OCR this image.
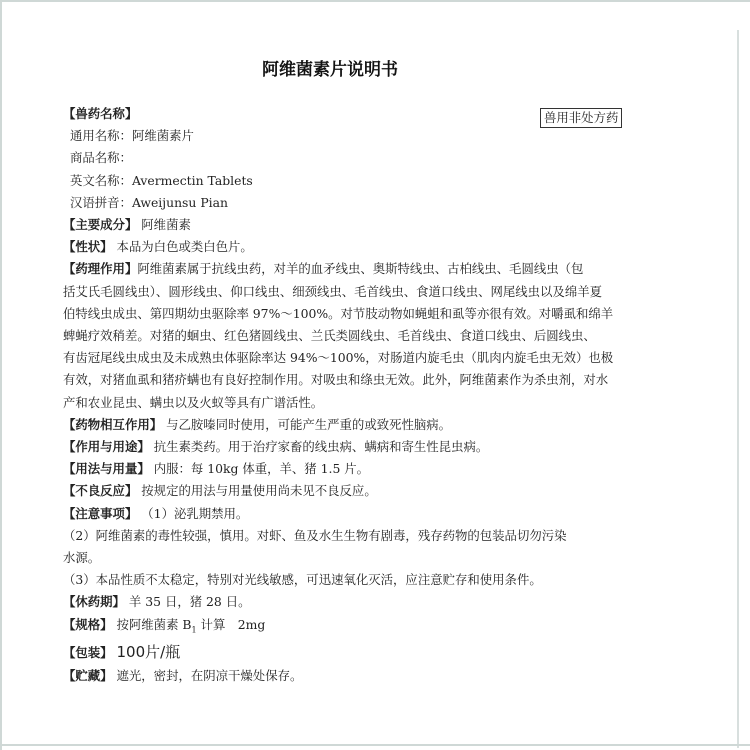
阿维菌素片说明书
兽用非处方药
【兽药名称】
通用名称：阿维菌素片
商品名称：
英文名称：Avermectin Tablets
汉语拼音：Aweijunsu Pian
【主要成分】 阿维菌素
【性状】 本品为白色或类白色片。
【药理作用】阿维菌素属于抗线虫药，对羊的血矛线虫、奥斯特线虫、古柏线虫、毛圆线虫（包
括艾氏毛圆线虫）、圆形线虫、仰口线虫、细颈线虫、毛首线虫、食道口线虫、网尾线虫以及绵羊夏
伯特线虫成虫、第四期幼虫驱除率 97%～100%。对节肢动物如蝇蛆和虱等亦很有效。对嚼虱和绵羊
蜱蝇疗效稍差。对猪的蛔虫、红色猪圆线虫、兰氏类圆线虫、毛首线虫、食道口线虫、后圆线虫、
有齿冠尾线虫成虫及未成熟虫体驱除率达 94%～100%，对肠道内旋毛虫（肌肉内旋毛虫无效）也极
有效，对猪血虱和猪疥螨也有良好控制作用。对吸虫和绦虫无效。此外，阿维菌素作为杀虫剂，对水
产和农业昆虫、螨虫以及火蚁等具有广谱活性。
【药物相互作用】 与乙胺嗪同时使用，可能产生严重的或致死性脑病。
【作用与用途】 抗生素类药。用于治疗家畜的线虫病、螨病和寄生性昆虫病。
【用法与用量】 内服：每 10kg 体重，羊、猪 1.5 片。
【不良反应】 按规定的用法与用量使用尚未见不良反应。
【注意事项】 （1）泌乳期禁用。
（2）阿维菌素的毒性较强，慎用。对虾、鱼及水生生物有剧毒，残存药物的包装品切勿污染
水源。
（3）本品性质不太稳定，特别对光线敏感，可迅速氧化灭活，应注意贮存和使用条件。
【休药期】 羊 35 日，猪 28 日。
【规格】 按阿维菌素 $B_1$ 计算　2mg
【包装】 100片/瓶
【贮藏】 遮光，密封，在阴凉干燥处保存。
